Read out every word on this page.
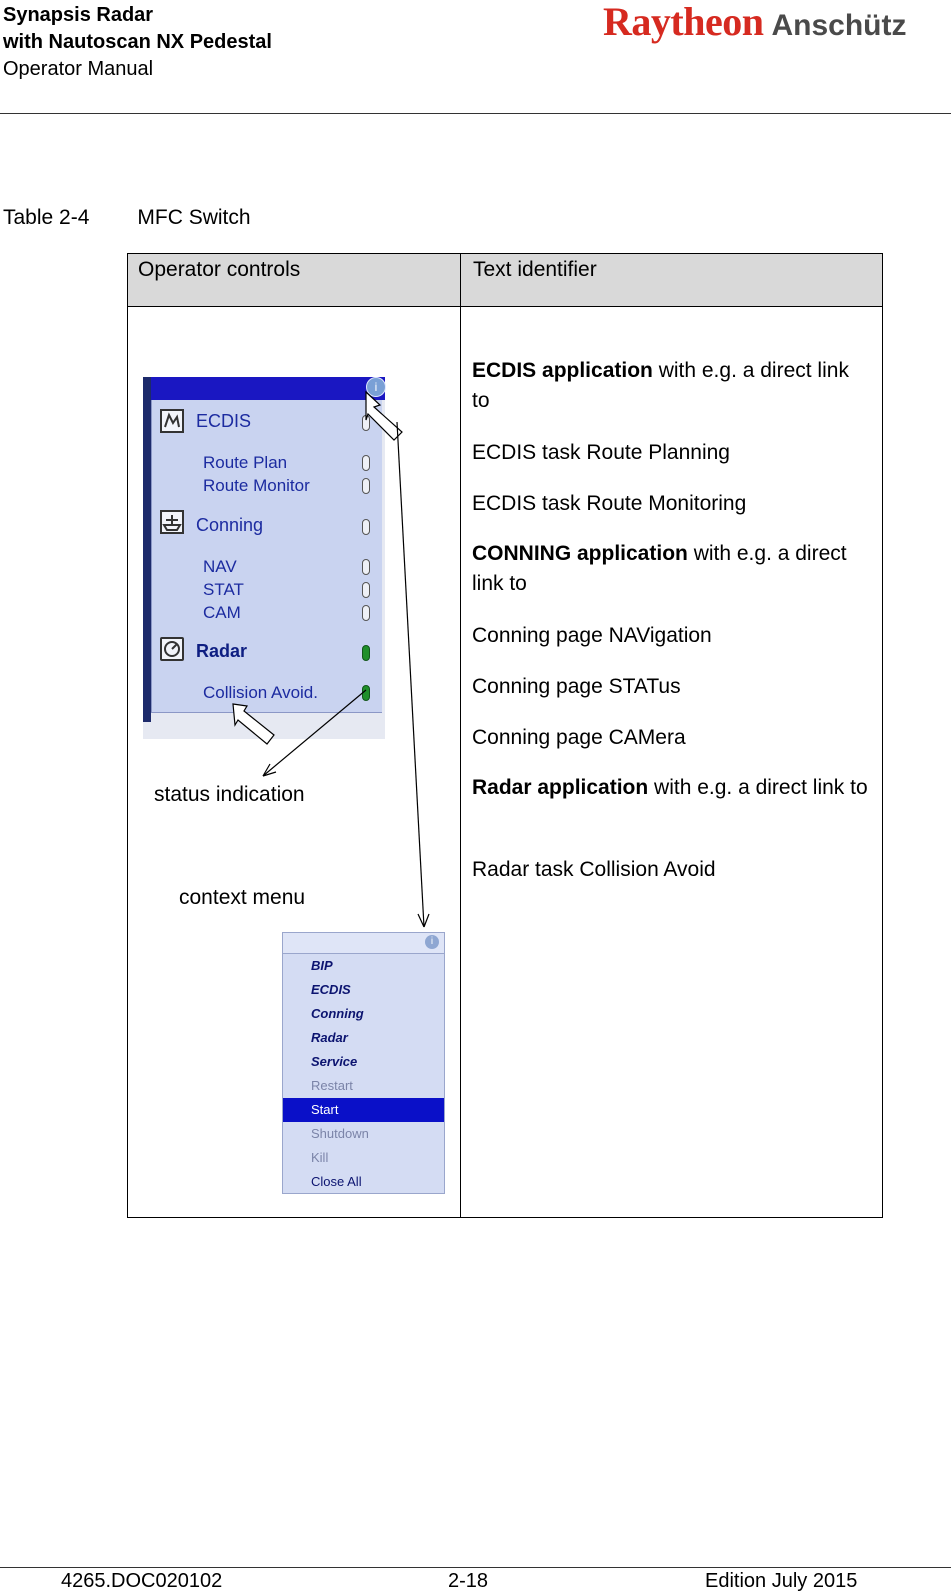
Synapsis Radar
with Nautoscan NX Pedestal
Operator Manual
Raytheon Anschütz
Table 2-4 MFC Switch
Operator controls	Text identifier
i
ECDIS
Route Plan
Route Monitor
Conning
NAV
STAT
CAM
Radar
Collision Avoid.
status indication
context menu
i
BIP
ECDIS
Conning
Radar
Service
Restart
Start
Shutdown
Kill
Close All
ECDIS application with e.g. a direct link to
ECDIS task Route Planning
ECDIS task Route Monitoring
CONNING application with e.g. a direct link to
Conning page NAVigation
Conning page STATus
Conning page CAMera
Radar application with e.g. a direct link to
Radar task Collision Avoid
4265.DOC020102	2-18	Edition July 2015
